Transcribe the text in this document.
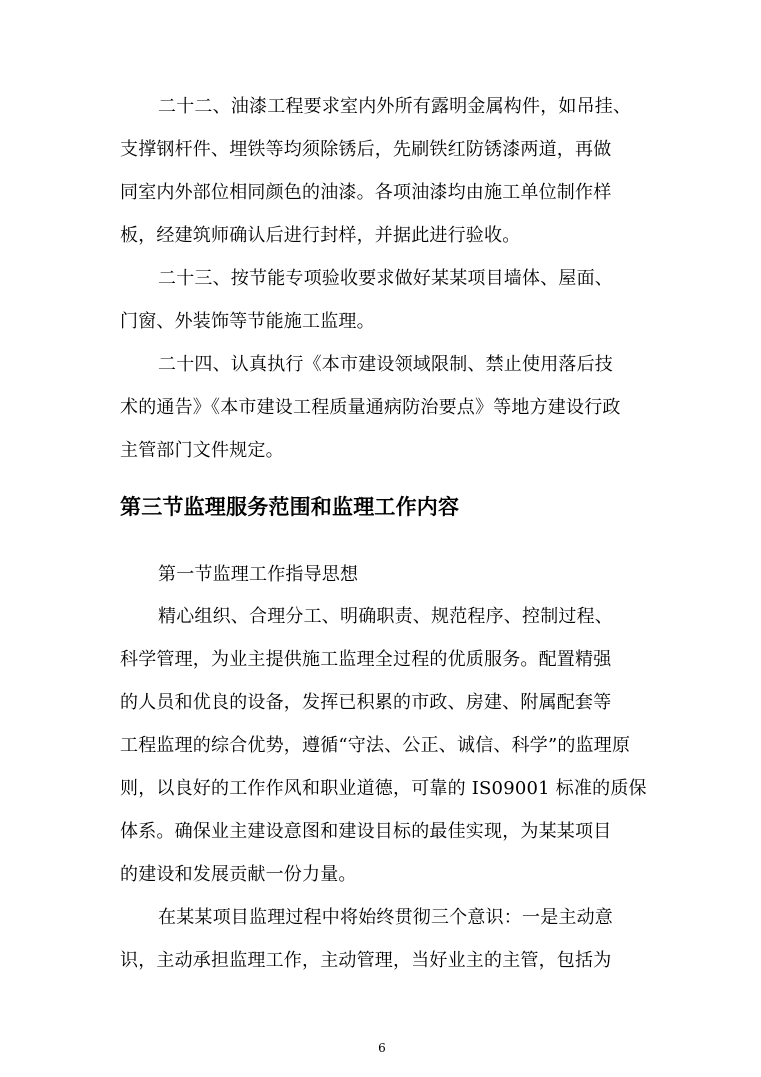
二十二、油漆工程要求室内外所有露明金属构件，如吊挂、
支撑钢杆件、埋铁等均须除锈后，先刷铁红防锈漆两道，再做
同室内外部位相同颜色的油漆。各项油漆均由施工单位制作样
板，经建筑师确认后进行封样，并据此进行验收。
二十三、按节能专项验收要求做好某某项目墙体、屋面、
门窗、外装饰等节能施工监理。
二十四、认真执行《本市建设领域限制、禁止使用落后技
术的通告》《本市建设工程质量通病防治要点》等地方建设行政
主管部门文件规定。
第三节监理服务范围和监理工作内容
第一节监理工作指导思想
精心组织、合理分工、明确职责、规范程序、控制过程、
科学管理，为业主提供施工监理全过程的优质服务。配置精强
的人员和优良的设备，发挥已积累的市政、房建、附属配套等
工程监理的综合优势，遵循“守法、公正、诚信、科学”的监理原
则，以良好的工作作风和职业道德，可靠的 IS09001 标准的质保
体系。确保业主建设意图和建设目标的最佳实现，为某某项目
的建设和发展贡献一份力量。
在某某项目监理过程中将始终贯彻三个意识：一是主动意
识，主动承担监理工作，主动管理，当好业主的主管，包括为
6
